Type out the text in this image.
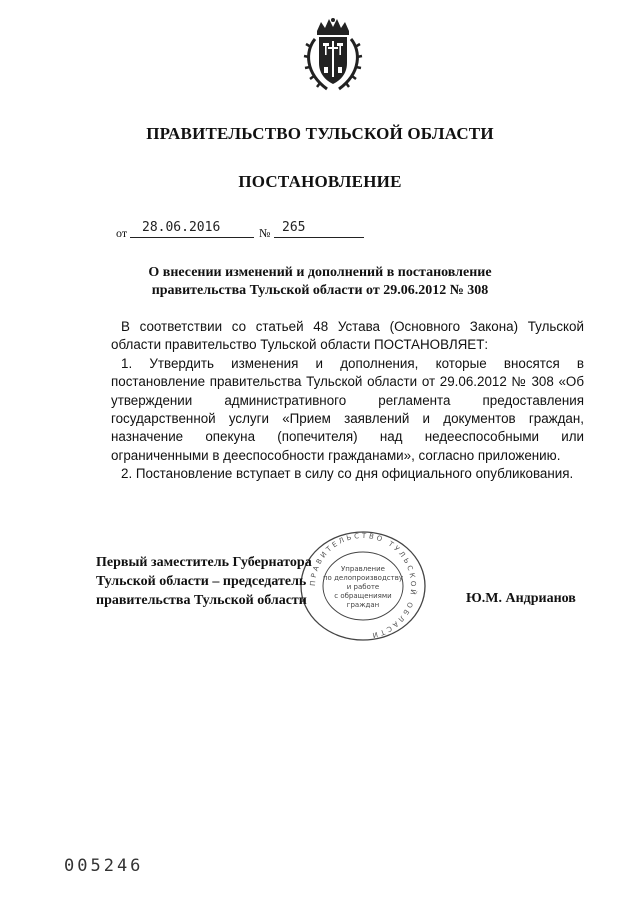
ПРАВИТЕЛЬСТВО ТУЛЬСКОЙ ОБЛАСТИ
ПОСТАНОВЛЕНИЕ
от 28.06.2016	№ 265
О внесении изменений и дополнений в постановление
правительства Тульской области от 29.06.2012 № 308

В соответствии со статьей 48 Устава (Основного Закона) Тульской области правительство Тульской области ПОСТАНОВЛЯЕТ:

1. Утвердить изменения и дополнения, которые вносятся в постановление правительства Тульской области от 29.06.2012 № 308 «Об утверждении административного регламента предоставления государственной услуги «Прием заявлений и документов граждан, назначение опекуна (попечителя) над недееспособными или ограниченными в дееспособности гражданами», согласно приложению.

2. Постановление вступает в силу со дня официального опубликования.

ПРАВИТЕЛЬСТВО ТУЛЬСКОЙ ОБЛАСТИ
Управление
по делопроизводству
и работе
с обращениями
граждан
Первый заместитель Губернатора
Тульской области – председатель
правительства Тульской области	Ю.М. Андрианов
005246
